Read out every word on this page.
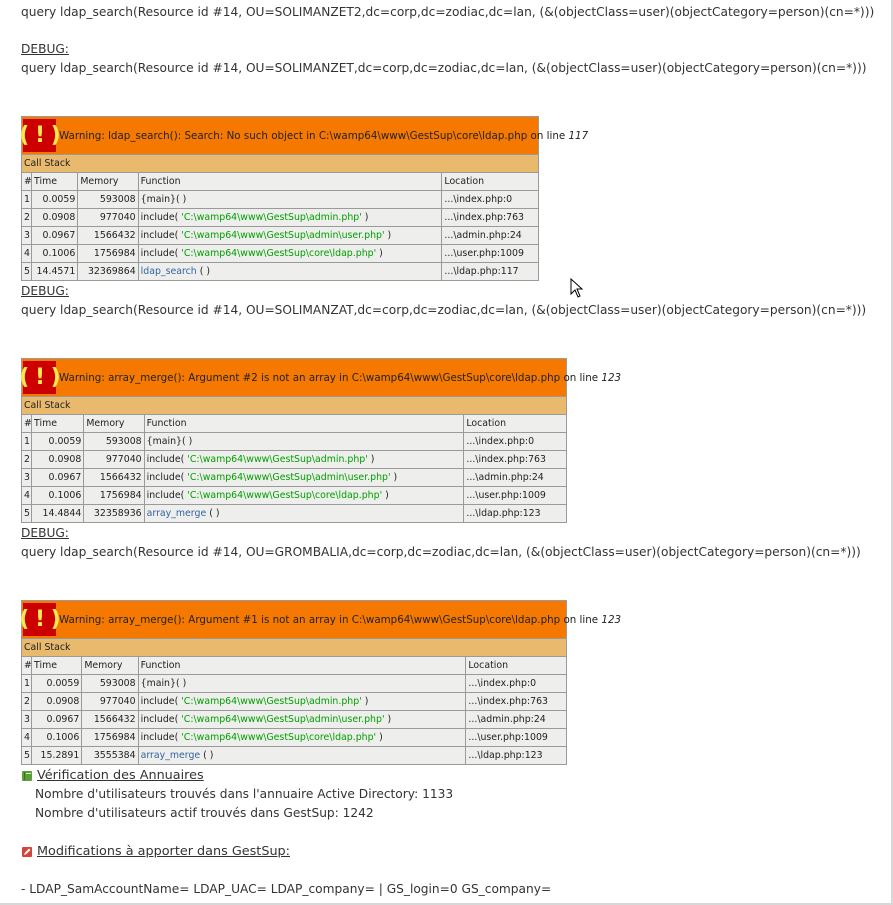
query ldap_search(Resource id #14, OU=SOLIMANZET2,dc=corp,dc=zodiac,dc=lan, (&(objectClass=user)(objectCategory=person)(cn=*)))
DEBUG:
query ldap_search(Resource id #14, OU=SOLIMANZET,dc=corp,dc=zodiac,dc=lan, (&(objectClass=user)(objectCategory=person)(cn=*)))
( ! ) Warning: ldap_search(): Search: No such object in C:\wamp64\www\GestSup\core\ldap.php on line 117				

Call Stack				
#	Time	Memory	Function	Location
1	0.0059	593008	{main}( )	...\index.php:0
2	0.0908	977040	include( 'C:\wamp64\www\GestSup\admin.php' )	...\index.php:763
3	0.0967	1566432	include( 'C:\wamp64\www\GestSup\admin\user.php' )	...\admin.php:24
4	0.1006	1756984	include( 'C:\wamp64\www\GestSup\core\ldap.php' )	...\user.php:1009
5	14.4571	32369864	ldap_search ( )	...\ldap.php:117
DEBUG:
query ldap_search(Resource id #14, OU=SOLIMANZAT,dc=corp,dc=zodiac,dc=lan, (&(objectClass=user)(objectCategory=person)(cn=*)))
( ! ) Warning: array_merge(): Argument #2 is not an array in C:\wamp64\www\GestSup\core\ldap.php on line 123				

Call Stack				
#	Time	Memory	Function	Location
1	0.0059	593008	{main}( )	...\index.php:0
2	0.0908	977040	include( 'C:\wamp64\www\GestSup\admin.php' )	...\index.php:763
3	0.0967	1566432	include( 'C:\wamp64\www\GestSup\admin\user.php' )	...\admin.php:24
4	0.1006	1756984	include( 'C:\wamp64\www\GestSup\core\ldap.php' )	...\user.php:1009
5	14.4844	32358936	array_merge ( )	...\ldap.php:123
DEBUG:
query ldap_search(Resource id #14, OU=GROMBALIA,dc=corp,dc=zodiac,dc=lan, (&(objectClass=user)(objectCategory=person)(cn=*)))
( ! ) Warning: array_merge(): Argument #1 is not an array in C:\wamp64\www\GestSup\core\ldap.php on line 123				

Call Stack				
#	Time	Memory	Function	Location
1	0.0059	593008	{main}( )	...\index.php:0
2	0.0908	977040	include( 'C:\wamp64\www\GestSup\admin.php' )	...\index.php:763
3	0.0967	1566432	include( 'C:\wamp64\www\GestSup\admin\user.php' )	...\admin.php:24
4	0.1006	1756984	include( 'C:\wamp64\www\GestSup\core\ldap.php' )	...\user.php:1009
5	15.2891	3555384	array_merge ( )	...\ldap.php:123
Vérification des Annuaires
Nombre d'utilisateurs trouvés dans l'annuaire Active Directory: 1133
Nombre d'utilisateurs actif trouvés dans GestSup: 1242
Modifications à apporter dans GestSup:
- LDAP_SamAccountName= LDAP_UAC= LDAP_company= | GS_login=0 GS_company=
